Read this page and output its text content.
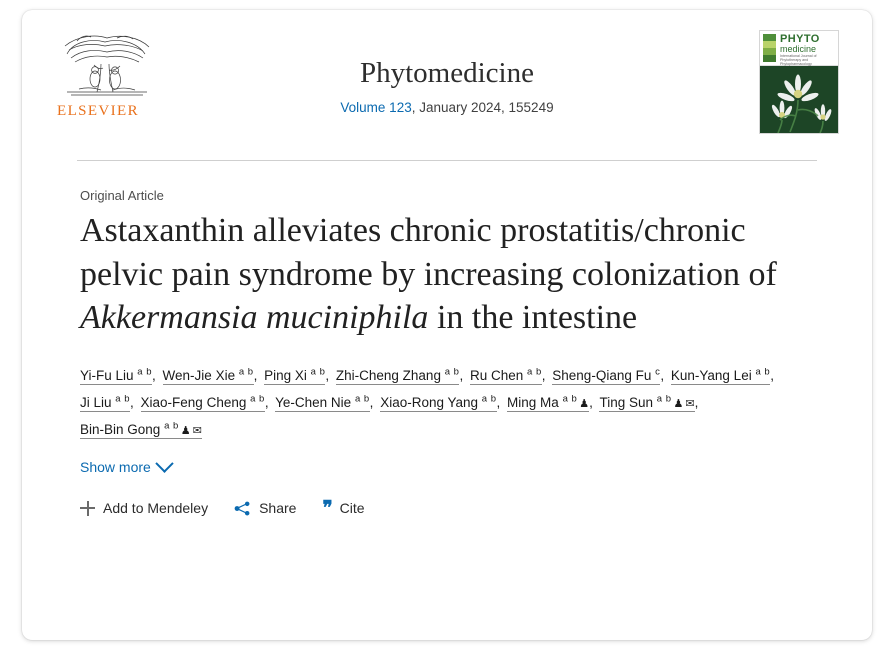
ELSEVIER
Phytomedicine
Volume 123, January 2024, 155249
PHYTO
medicine
International Journal of Phytotherapy and Phytopharmacology
Original Article
Astaxanthin alleviates chronic prostatitis/chronic pelvic pain syndrome by increasing colonization of Akkermansia muciniphila in the intestine
Yi-Fu Liu $^{a b}$, Wen-Jie Xie $^{a b}$, Ping Xi $^{a b}$, Zhi-Cheng Zhang $^{a b}$, Ru Chen $^{a b}$, Sheng-Qiang Fu $^c$, Kun-Yang Lei $^{a b}$, Ji Liu $^{a b}$, Xiao-Feng Cheng $^{a b}$, Ye-Chen Nie $^{a b}$, Xiao-Rong Yang $^{a b}$, Ming Ma $^{a b}$ ♟, Ting Sun $^{a b}$ ♟ ✉, Bin-Bin Gong $^{a b}$ ♟ ✉
Show more
Add to Mendeley	Share ❞ Cite
